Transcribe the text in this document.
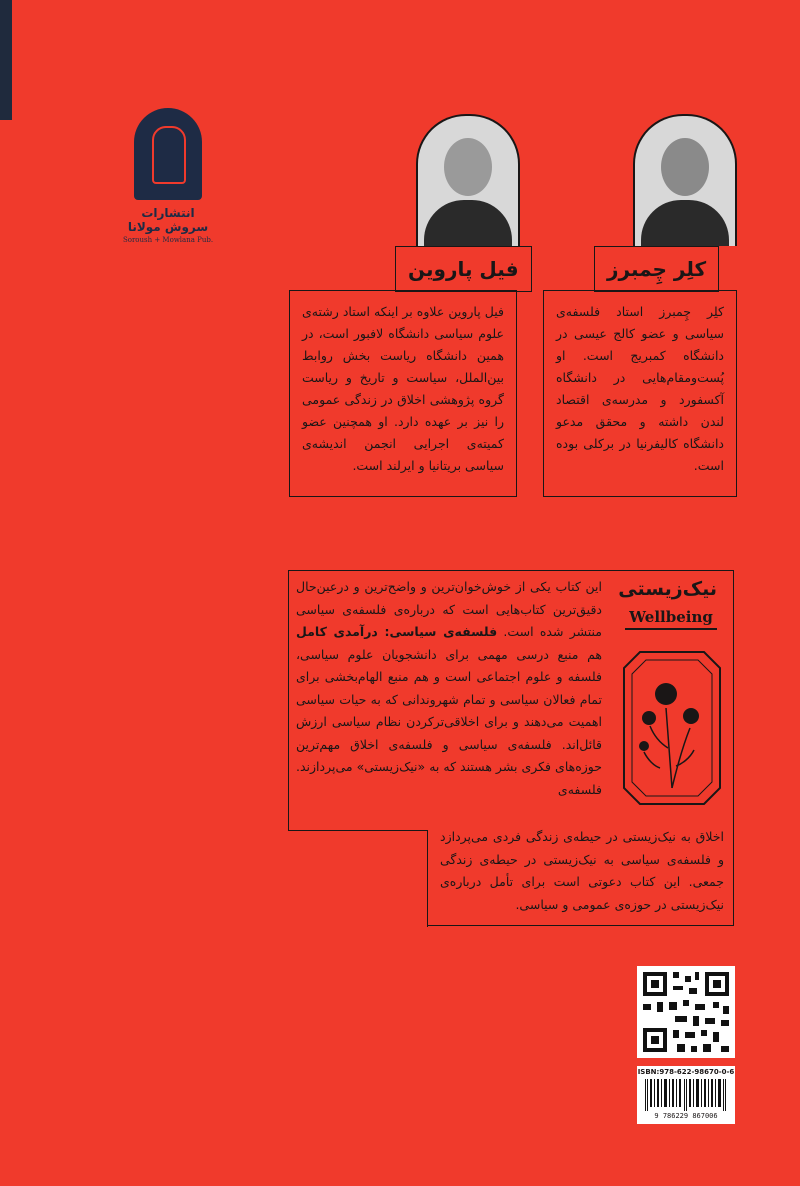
انتشارات سروش مولانا
Soroush + Mowlana Pub.
فیل پاروین	کلِر چِمبرز
فیل پاروین علاوه بر اینکه استاد رشته‌ی علوم سیاسی دانشگاه لافبور است، در همین دانشگاه ریاست بخش روابط بین‌الملل، سیاست و تاریخ و ریاست گروه پژوهشی اخلاق در زندگی عمومی را نیز بر عهده دارد. او همچنین عضو کمیته‌ی اجرایی انجمن اندیشه‌ی سیاسی بریتانیا و ایرلند است.
کلِر چِمبرز استاد فلسفه‌ی سیاسی و عضو کالج عیسی در دانشگاه کمبریج است. او پُست‌ومقام‌هایی در دانشگاه آکسفورد و مدرسه‌ی اقتصاد لندن داشته و محقق مدعو دانشگاه کالیفرنیا در برکلی بوده است.
این کتاب یکی از خوش‌خوان‌ترین و واضح‌ترین و درعین‌حال دقیق‌ترین کتاب‌هایی است که درباره‌ی فلسفه‌ی سیاسی منتشر شده است. فلسفه‌ی سیاسی: درآمدی کامل هم منبع درسی مهمی برای دانشجویان علوم سیاسی، فلسفه و علوم اجتماعی است و هم منبع الهام‌بخشی برای تمام فعالان سیاسی و تمام شهروندانی که به حیات سیاسی اهمیت می‌دهند و برای اخلاقی‌ترکردن نظام سیاسی ارزش قائل‌اند. فلسفه‌ی سیاسی و فلسفه‌ی اخلاق مهم‌ترین حوزه‌های فکری بشر هستند که به «نیک‌زیستی» می‌پردازند. فلسفه‌ی
اخلاق به نیک‌زیستی در حیطه‌ی زندگی فردی می‌پردازد و فلسفه‌ی سیاسی به نیک‌زیستی در حیطه‌ی زندگی جمعی. این کتاب دعوتی است برای تأمل درباره‌ی نیک‌زیستی در حوزه‌ی عمومی و سیاسی.
نیک‌زیستی
Wellbeing
ISBN:978-622-98670-0-6
9 786229 867006
